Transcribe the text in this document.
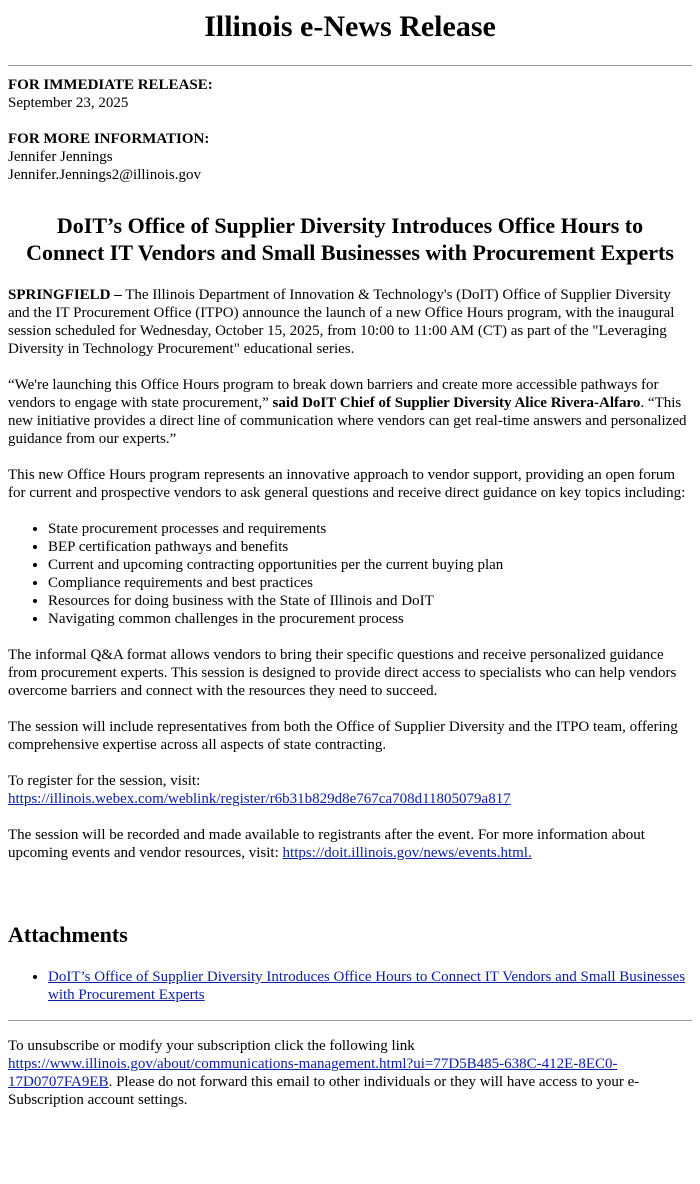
Illinois e-News Release
FOR IMMEDIATE RELEASE:
September 23, 2025
FOR MORE INFORMATION:
Jennifer Jennings
Jennifer.Jennings2@illinois.gov
DoIT’s Office of Supplier Diversity Introduces Office Hours to Connect IT Vendors and Small Businesses with Procurement Experts

SPRINGFIELD – The Illinois Department of Innovation & Technology's (DoIT) Office of Supplier Diversity and the IT Procurement Office (ITPO) announce the launch of a new Office Hours program, with the inaugural session scheduled for Wednesday, October 15, 2025, from 10:00 to 11:00 AM (CT) as part of the "Leveraging Diversity in Technology Procurement" educational series.

“We're launching this Office Hours program to break down barriers and create more accessible pathways for vendors to engage with state procurement,” said DoIT Chief of Supplier Diversity Alice Rivera-Alfaro. “This new initiative provides a direct line of communication where vendors can get real-time answers and personalized guidance from our experts.”

This new Office Hours program represents an innovative approach to vendor support, providing an open forum for current and prospective vendors to ask general questions and receive direct guidance on key topics including:

• State procurement processes and requirements
• BEP certification pathways and benefits
• Current and upcoming contracting opportunities per the current buying plan
• Compliance requirements and best practices
• Resources for doing business with the State of Illinois and DoIT
• Navigating common challenges in the procurement process

The informal Q&A format allows vendors to bring their specific questions and receive personalized guidance from procurement experts. This session is designed to provide direct access to specialists who can help vendors overcome barriers and connect with the resources they need to succeed.

The session will include representatives from both the Office of Supplier Diversity and the ITPO team, offering comprehensive expertise across all aspects of state contracting.

To register for the session, visit:
https://illinois.webex.com/weblink/register/r6b31b829d8e767ca708d11805079a817

The session will be recorded and made available to registrants after the event. For more information about upcoming events and vendor resources, visit: https://doit.illinois.gov/news/events.html.

Attachments
• DoIT’s Office of Supplier Diversity Introduces Office Hours to Connect IT Vendors and Small Businesses with Procurement Experts
To unsubscribe or modify your subscription click the following link
https://www.illinois.gov/about/communications-management.html?ui=77D5B485-638C-412E-8EC0-17D0707FA9EB. Please do not forward this email to other individuals or they will have access to your e-Subscription account settings.
